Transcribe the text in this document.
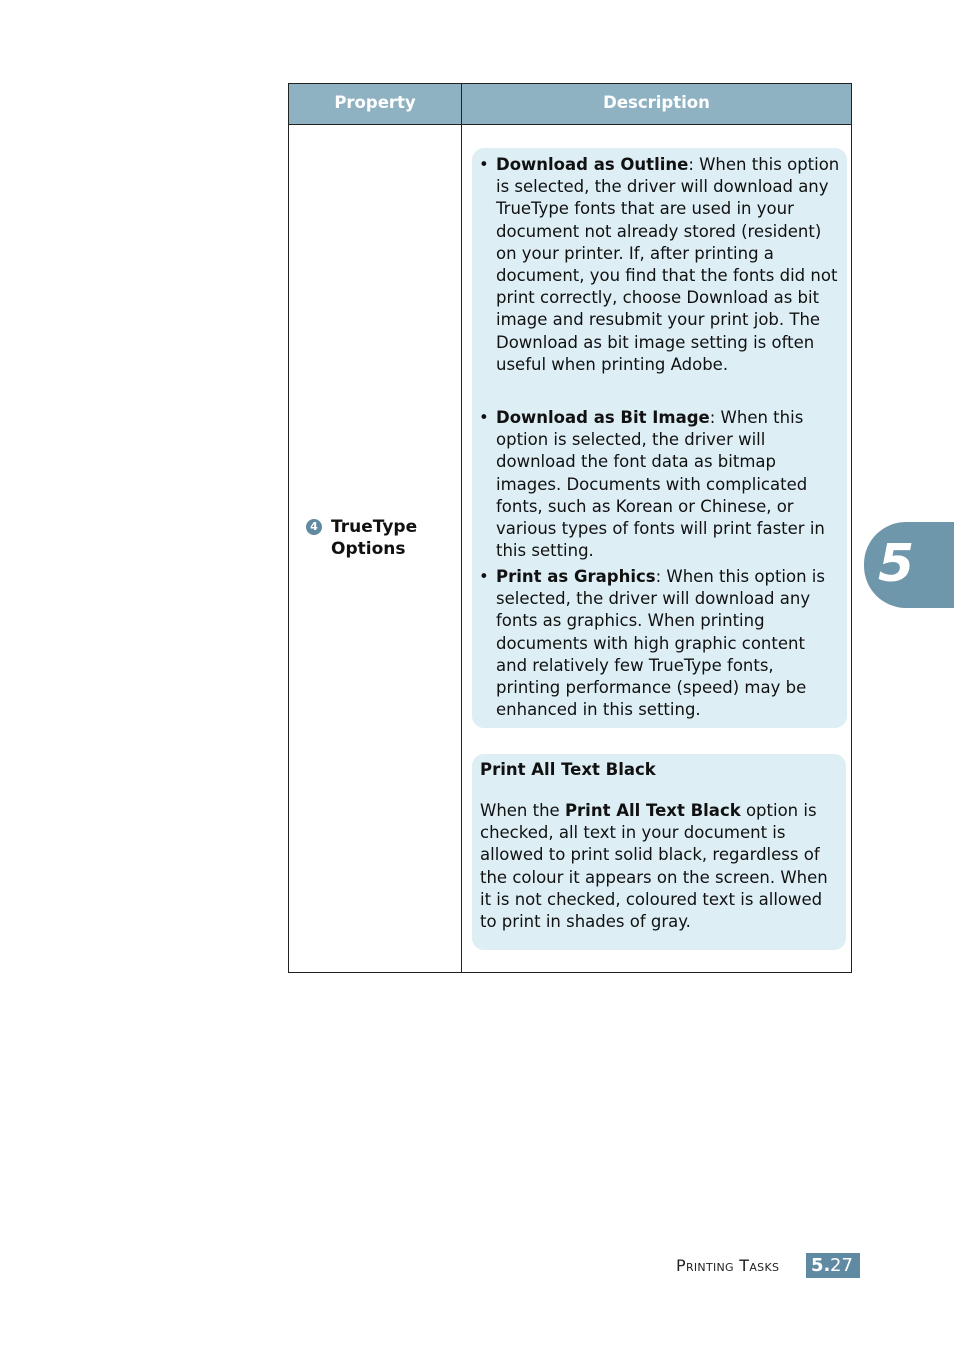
Property	Description
4 TrueType Options
• Download as Outline: When this option is selected, the driver will download any TrueType fonts that are used in your document not already stored (resident) on your printer. If, after printing a document, you find that the fonts did not print correctly, choose Download as bit image and resubmit your print job. The Download as bit image setting is often useful when printing Adobe.
• Download as Bit Image: When this option is selected, the driver will download the font data as bitmap images. Documents with complicated fonts, such as Korean or Chinese, or various types of fonts will print faster in this setting.
• Print as Graphics: When this option is selected, the driver will download any fonts as graphics. When printing documents with high graphic content and relatively few TrueType fonts, printing performance (speed) may be enhanced in this setting.
Print All Text Black
When the Print All Text Black option is checked, all text in your document is allowed to print solid black, regardless of the colour it appears on the screen. When it is not checked, coloured text is allowed to print in shades of gray.
5
Printing Tasks 5. 27
